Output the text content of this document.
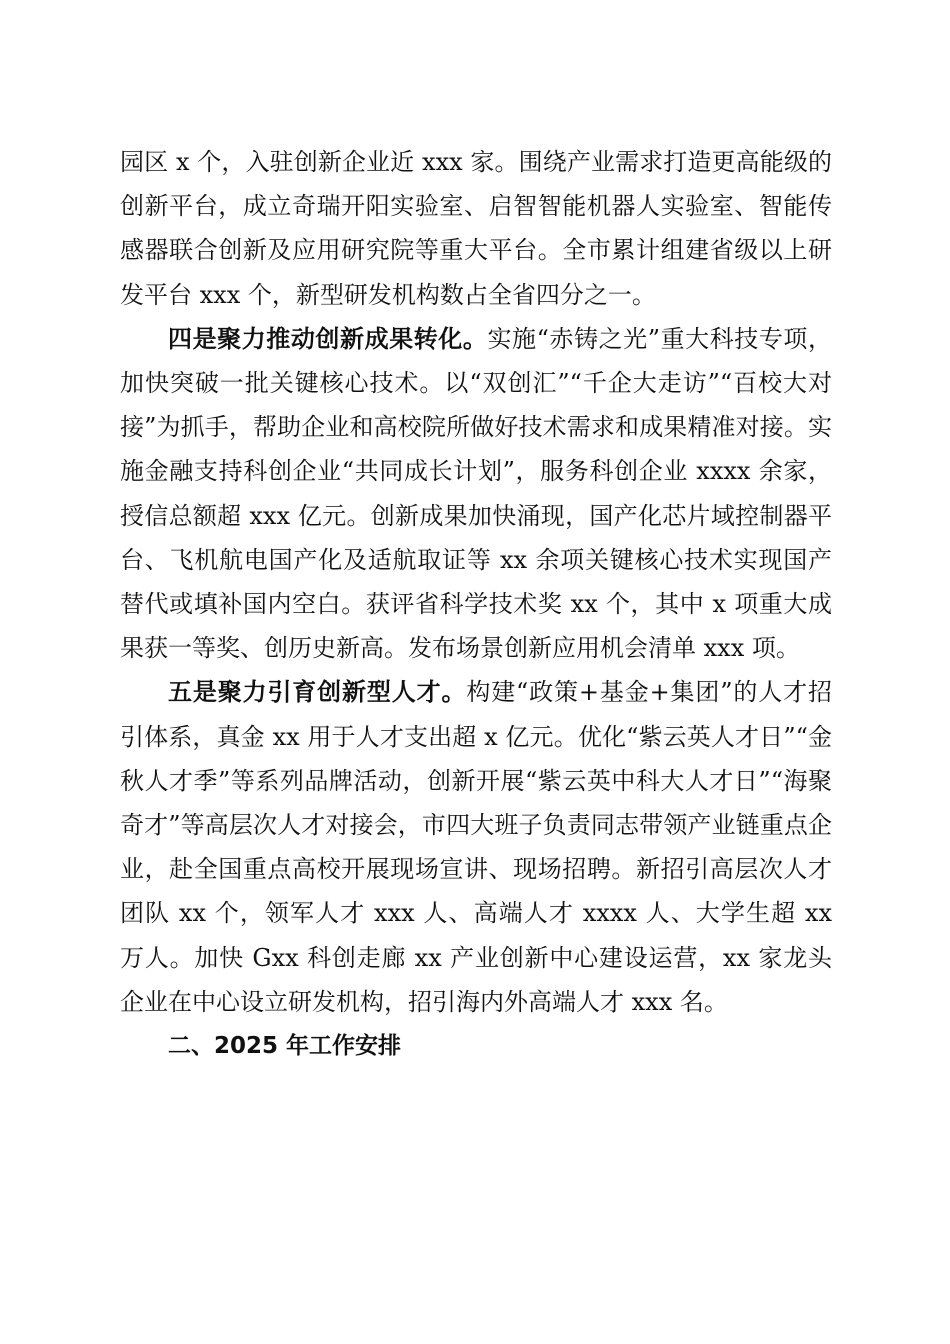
园区 x 个，入驻创新企业近 xxx 家。围绕产业需求打造更高能级的创新平台，成立奇瑞开阳实验室、启智智能机器人实验室、智能传感器联合创新及应用研究院等重大平台。全市累计组建省级以上研发平台 xxx 个，新型研发机构数占全省四分之一。

四是聚力推动创新成果转化。实施“赤铸之光”重大科技专项，加快突破一批关键核心技术。以“双创汇”“千企大走访”“百校大对接”为抓手，帮助企业和高校院所做好技术需求和成果精准对接。实施金融支持科创企业“共同成长计划”，服务科创企业 xxxx 余家，授信总额超 xxx 亿元。创新成果加快涌现，国产化芯片域控制器平台、飞机航电国产化及适航取证等 xx 余项关键核心技术实现国产替代或填补国内空白。获评省科学技术奖 xx 个，其中 x 项重大成果获一等奖、创历史新高。发布场景创新应用机会清单 xxx 项。

五是聚力引育创新型人才。构建“政策+基金+集团”的人才招引体系，真金 xx 用于人才支出超 x 亿元。优化“紫云英人才日”“金秋人才季”等系列品牌活动，创新开展“紫云英中科大人才日”“海聚奇才”等高层次人才对接会，市四大班子负责同志带领产业链重点企业，赴全国重点高校开展现场宣讲、现场招聘。新招引高层次人才团队 xx 个，领军人才 xxx 人、高端人才 xxxx 人、大学生超 xx 万人。加快 Gxx 科创走廊 xx 产业创新中心建设运营，xx 家龙头企业在中心设立研发机构，招引海内外高端人才 xxx 名。

二、2025 年工作安排
